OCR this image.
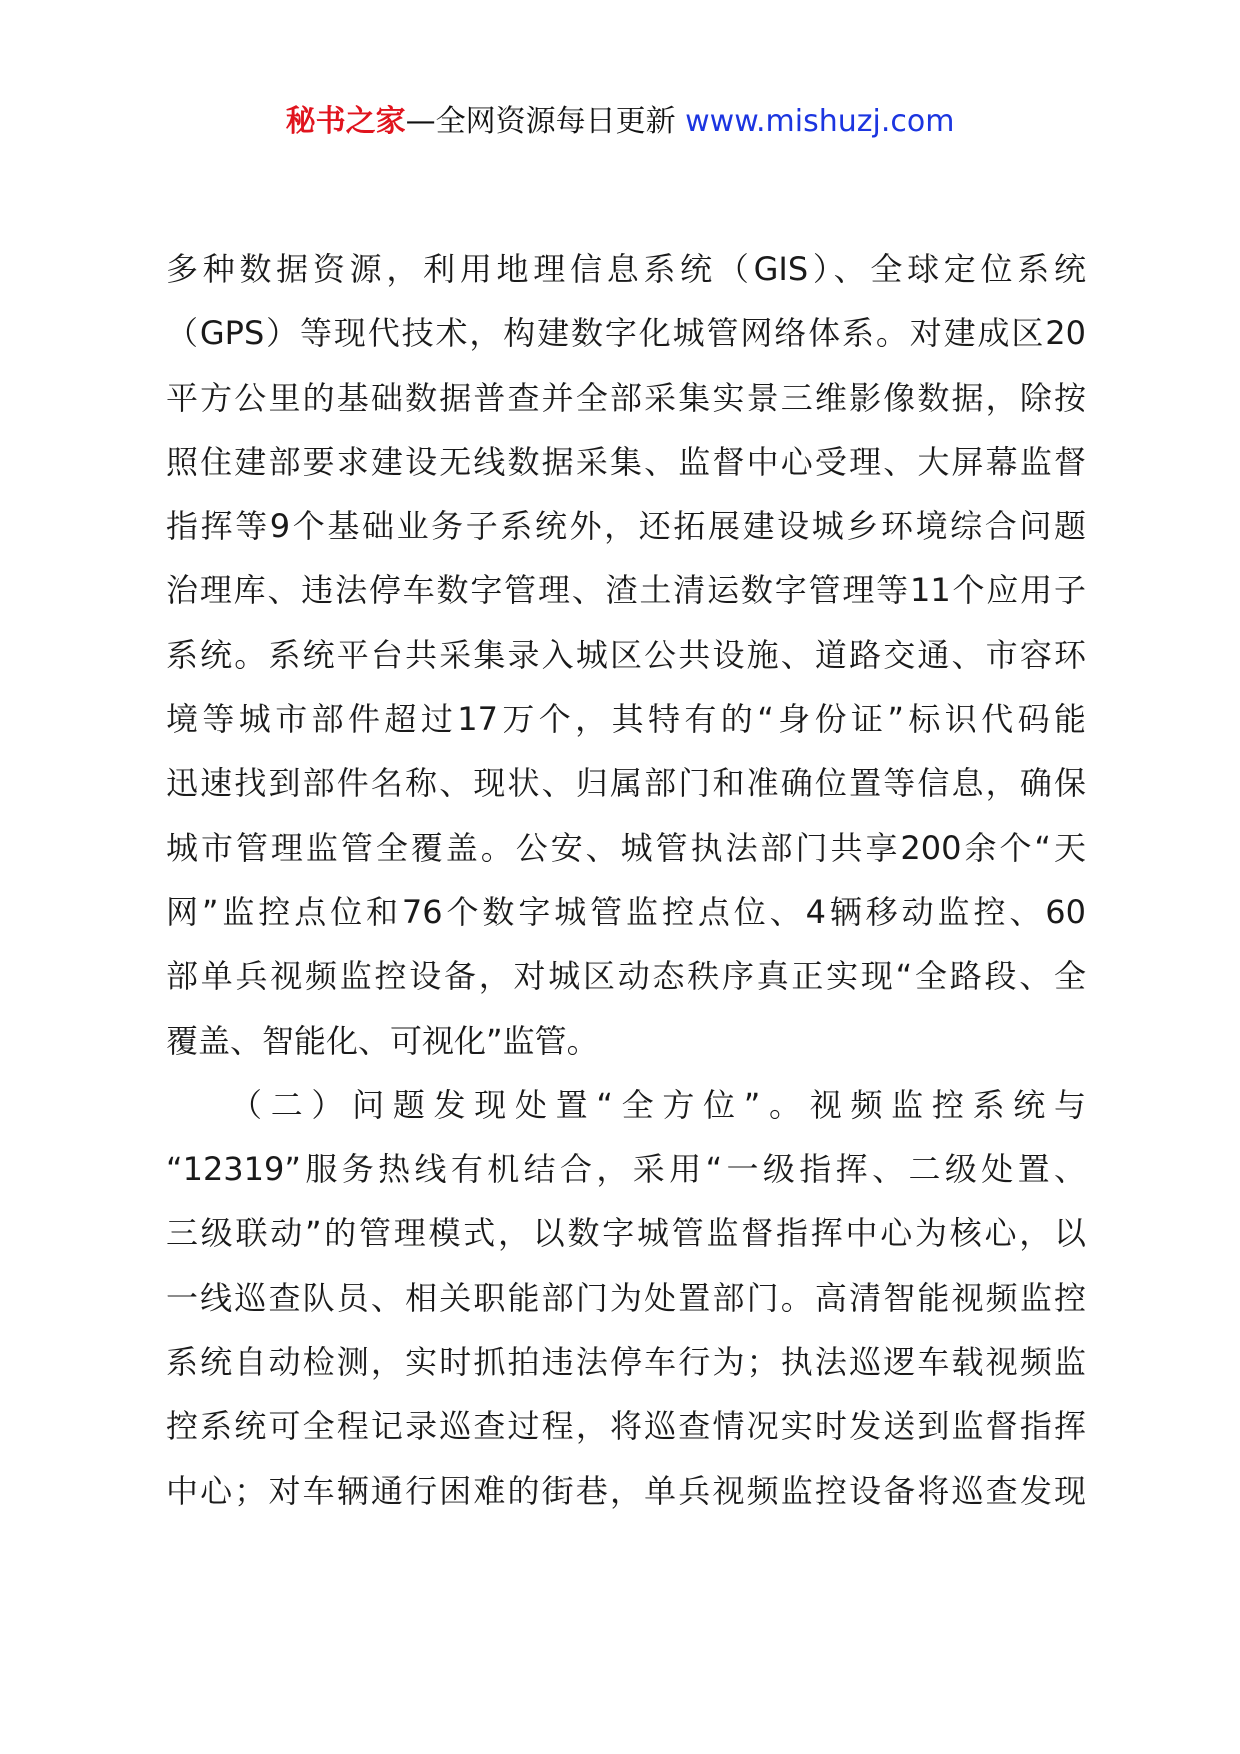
秘书之家—全网资源每日更新 www.mishuzj.com
多种数据资源，利用地理信息系统（GIS）、全球定位系统
（GPS）等现代技术，构建数字化城管网络体系。对建成区20
平方公里的基础数据普查并全部采集实景三维影像数据，除按
照住建部要求建设无线数据采集、监督中心受理、大屏幕监督
指挥等9个基础业务子系统外，还拓展建设城乡环境综合问题
治理库、违法停车数字管理、渣土清运数字管理等11个应用子
系统。系统平台共采集录入城区公共设施、道路交通、市容环
境等城市部件超过17万个，其特有的“身份证”标识代码能
迅速找到部件名称、现状、归属部门和准确位置等信息，确保
城市管理监管全覆盖。公安、城管执法部门共享200余个“天
网”监控点位和76个数字城管监控点位、4辆移动监控、60
部单兵视频监控设备，对城区动态秩序真正实现“全路段、全
覆盖、智能化、可视化”监管。
（二）问题发现处置“全方位”。视频监控系统与
“12319”服务热线有机结合，采用“一级指挥、二级处置、
三级联动”的管理模式，以数字城管监督指挥中心为核心，以
一线巡查队员、相关职能部门为处置部门。高清智能视频监控
系统自动检测，实时抓拍违法停车行为；执法巡逻车载视频监
控系统可全程记录巡查过程，将巡查情况实时发送到监督指挥
中心；对车辆通行困难的街巷，单兵视频监控设备将巡查发现
